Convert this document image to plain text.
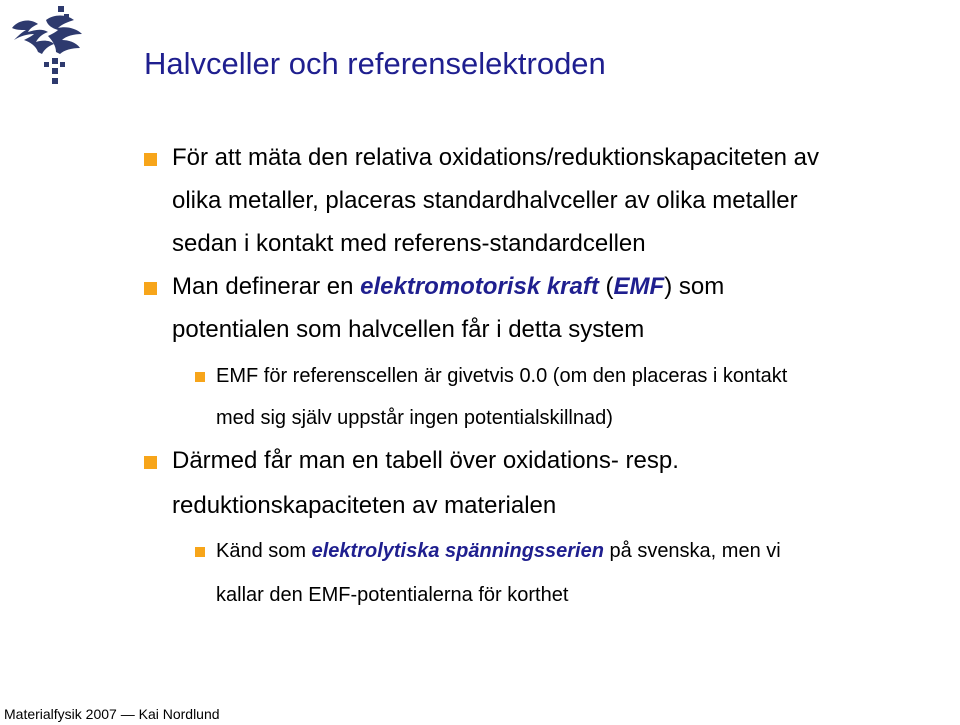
Halvceller och referenselektroden
För att mäta den relativa oxidations/reduktionskapaciteten av
olika metaller, placeras standardhalvceller av olika metaller
sedan i kontakt med referens-standardcellen
Man definerar en elektromotorisk kraft (EMF) som
potentialen som halvcellen får i detta system
EMF för referenscellen är givetvis 0.0 (om den placeras i kontakt
med sig själv uppstår ingen potentialskillnad)
Därmed får man en tabell över oxidations- resp.
reduktionskapaciteten av materialen
Känd som elektrolytiska spänningsserien på svenska, men vi
kallar den EMF-potentialerna för korthet
Materialfysik 2007 — Kai Nordlund
